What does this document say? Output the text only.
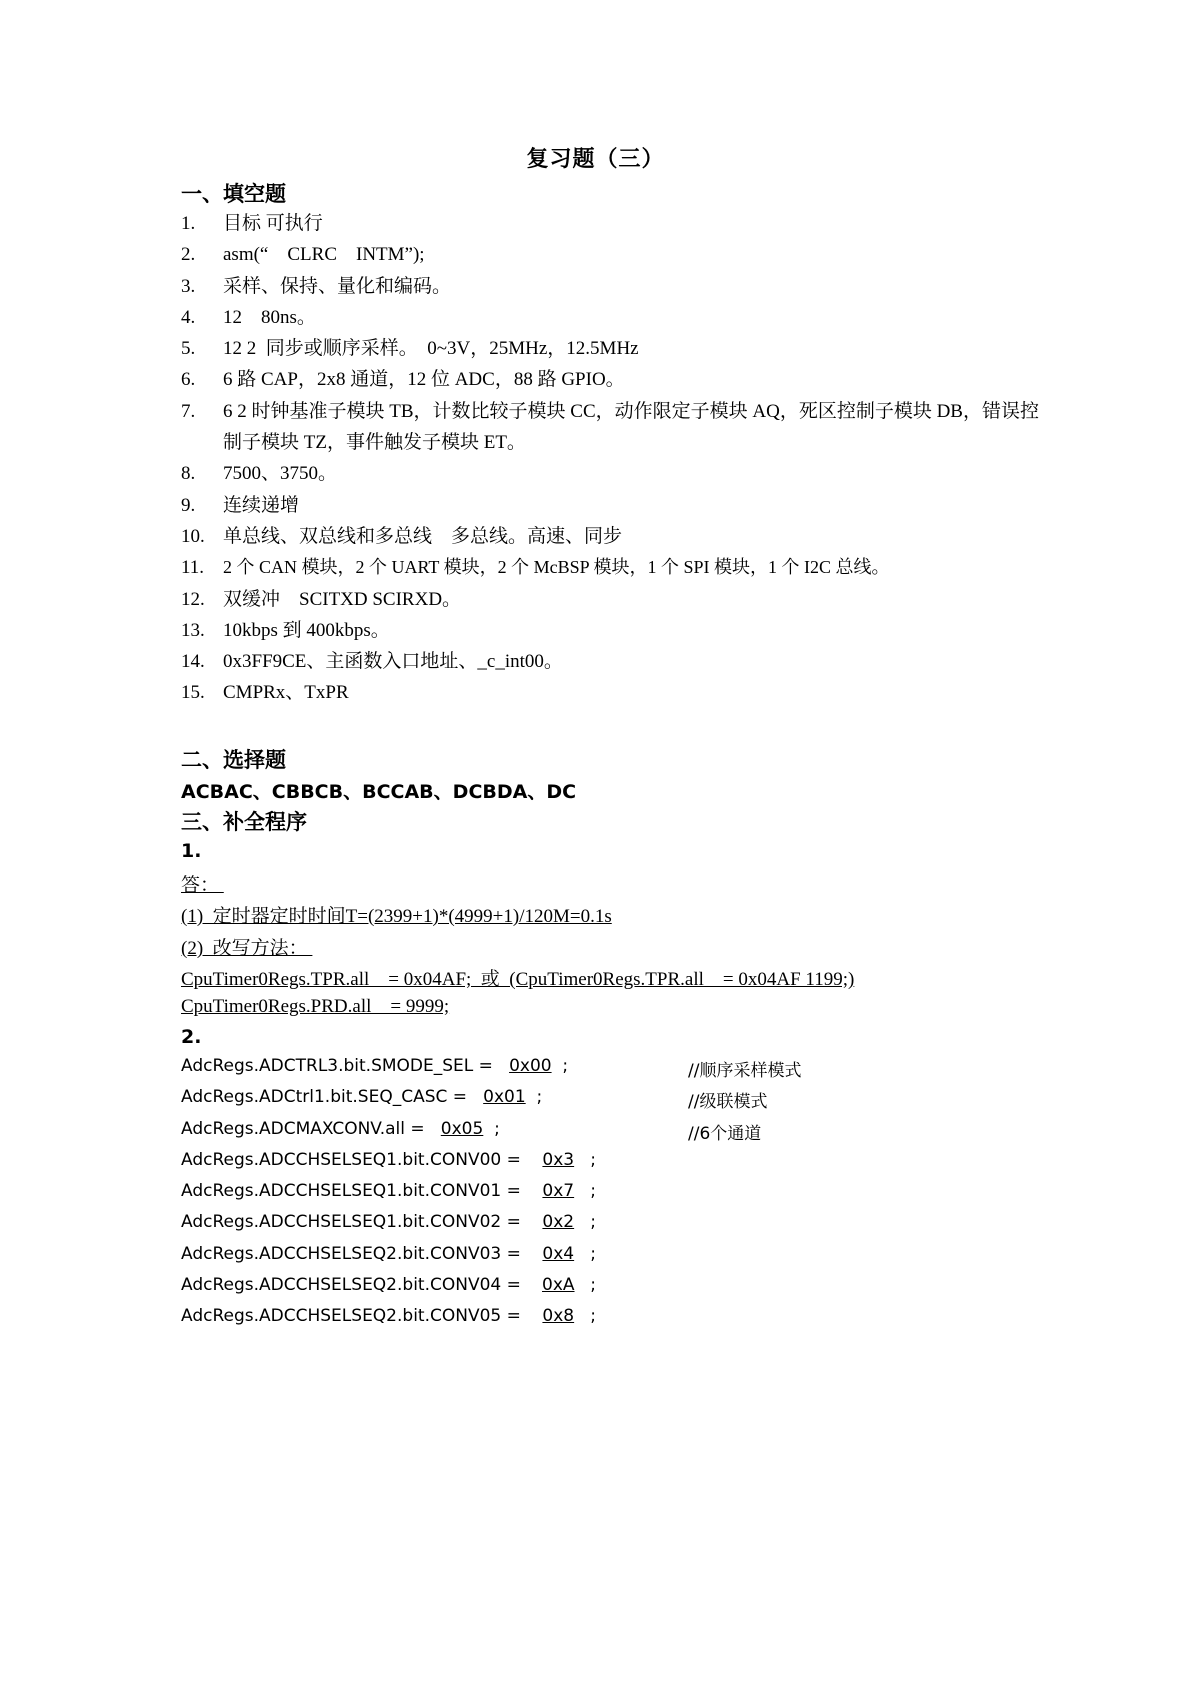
复习题（三）
一、填空题
1. 目标 可执行
2. asm(“    CLRC    INTM”);
3. 采样、保持、量化和编码。
4. 12    80ns。
5. 12 2  同步或顺序采样。  0~3V，25MHz，12.5MHz
6. 6 路 CAP，2x8 通道，12 位 ADC，88 路 GPIO。
7. 6 2 时钟基准子模块 TB，计数比较子模块 CC，动作限定子模块 AQ，死区控制子模块 DB，错误控制子模块 TZ，事件触发子模块 ET。
8. 7500、3750。
9. 连续递增
10. 单总线、双总线和多总线    多总线。高速、同步
11. 2 个 CAN 模块，2 个 UART 模块，2 个 McBSP 模块，1 个 SPI 模块，1 个 I2C 总线。
12. 双缓冲    SCITXD SCIRXD。
13. 10kbps 到 400kbps。
14. 0x3FF9CE、主函数入口地址、_c_int00。
15. CMPRx、TxPR
二、选择题
ACBAC、CBBCB、BCCAB、DCBDA、DC
三、补全程序
1.
答：
(1)  定时器定时时间T=(2399+1)*(4999+1)/120M=0.1s
(2)  改写方法：
CpuTimer0Regs.TPR.all    = 0x04AF;  或  (CpuTimer0Regs.TPR.all    = 0x04AF 1199;)
CpuTimer0Regs.PRD.all    = 9999;
2.
AdcRegs.ADCTRL3.bit.SMODE_SEL = 0x00 ;	//顺序采样模式
AdcRegs.ADCtrl1.bit.SEQ_CASC = 0x01 ;	//级联模式
AdcRegs.ADCMAXCONV.all = 0x05 ;	//6个通道
AdcRegs.ADCCHSELSEQ1.bit.CONV00 = 0x3 ;
AdcRegs.ADCCHSELSEQ1.bit.CONV01 = 0x7 ;
AdcRegs.ADCCHSELSEQ1.bit.CONV02 = 0x2 ;
AdcRegs.ADCCHSELSEQ2.bit.CONV03 = 0x4 ;
AdcRegs.ADCCHSELSEQ2.bit.CONV04 = 0xA ;
AdcRegs.ADCCHSELSEQ2.bit.CONV05 = 0x8 ;
